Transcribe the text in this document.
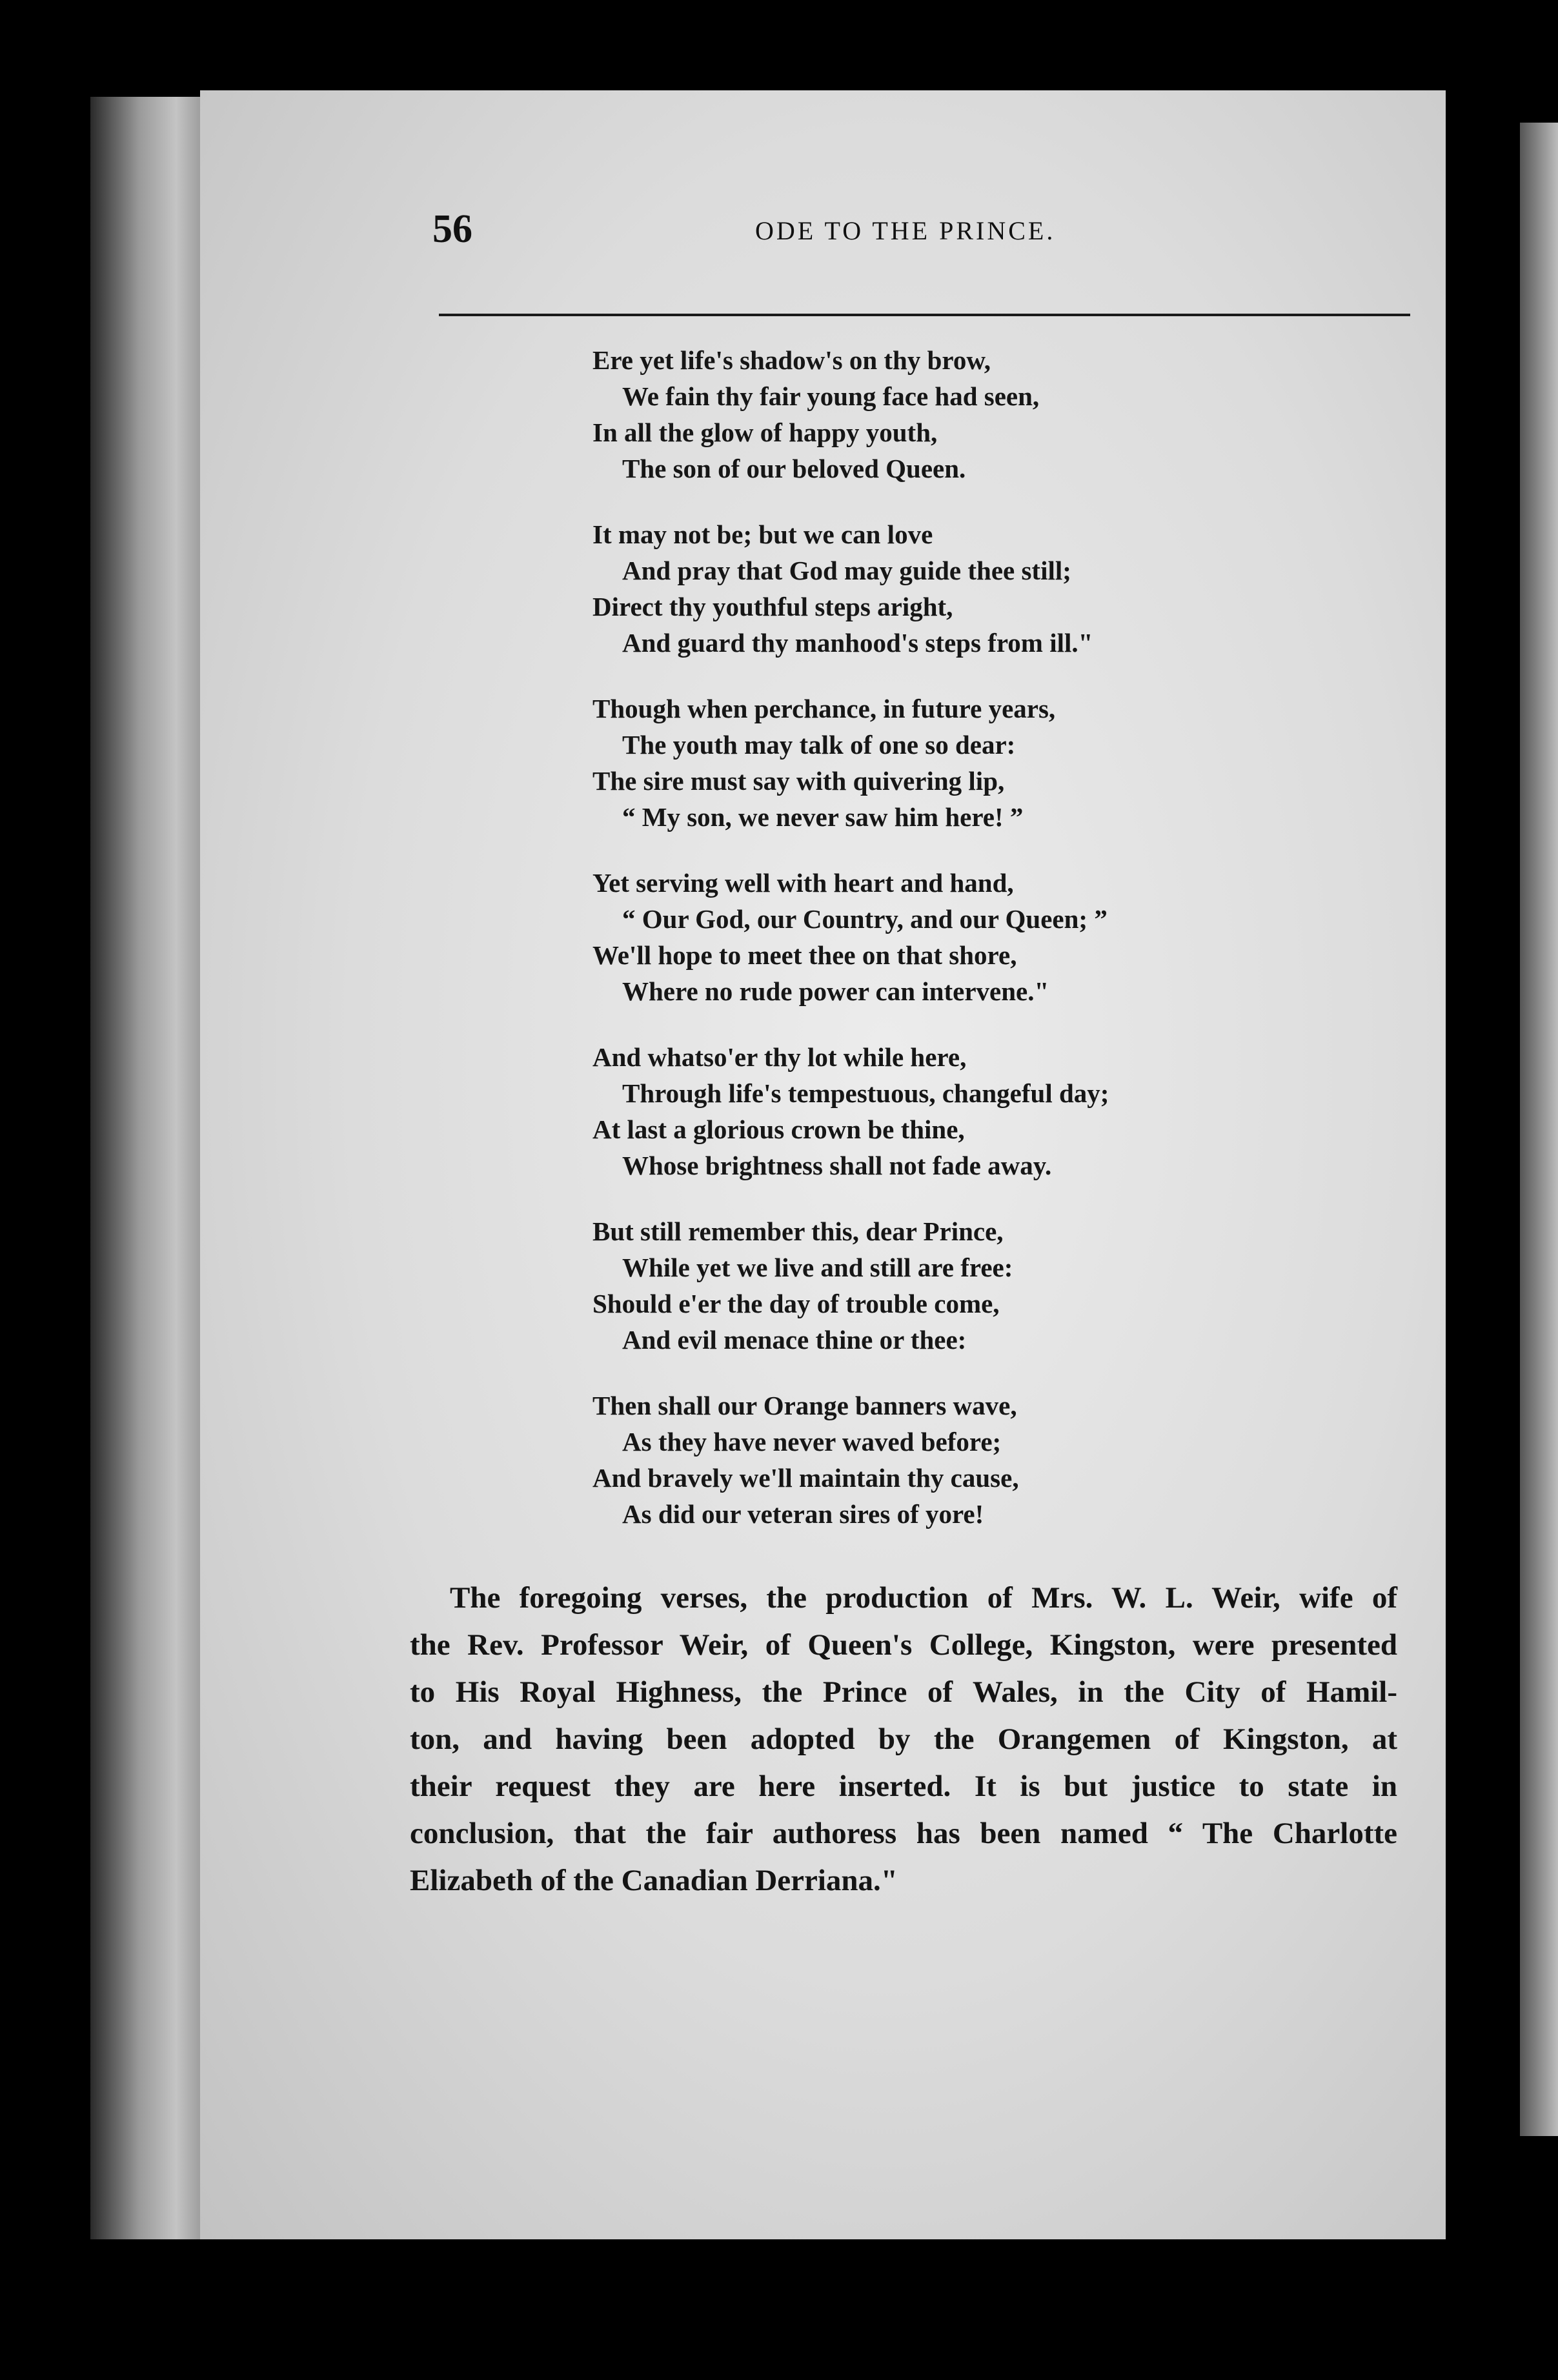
56	ODE TO THE PRINCE.
Ere yet life's shadow's on thy brow,
We fain thy fair young face had seen,
In all the glow of happy youth,
The son of our beloved Queen.
It may not be; but we can love
And pray that God may guide thee still;
Direct thy youthful steps aright,
And guard thy manhood's steps from ill."
Though when perchance, in future years,
The youth may talk of one so dear:
The sire must say with quivering lip,
“ My son, we never saw him here! ”
Yet serving well with heart and hand,
“ Our God, our Country, and our Queen; ”
We'll hope to meet thee on that shore,
Where no rude power can intervene."
And whatso'er thy lot while here,
Through life's tempestuous, changeful day;
At last a glorious crown be thine,
Whose brightness shall not fade away.
But still remember this, dear Prince,
While yet we live and still are free:
Should e'er the day of trouble come,
And evil menace thine or thee:
Then shall our Orange banners wave,
As they have never waved before;
And bravely we'll maintain thy cause,
As did our veteran sires of yore!
The foregoing verses, the production of Mrs. W. L. Weir, wife of
the Rev. Professor Weir, of Queen's College, Kingston, were presented
to His Royal Highness, the Prince of Wales, in the City of Hamil-
ton, and having been adopted by the Orangemen of Kingston, at
their request they are here inserted. It is but justice to state in
conclusion, that the fair authoress has been named “ The Charlotte
Elizabeth of the Canadian Derriana."
